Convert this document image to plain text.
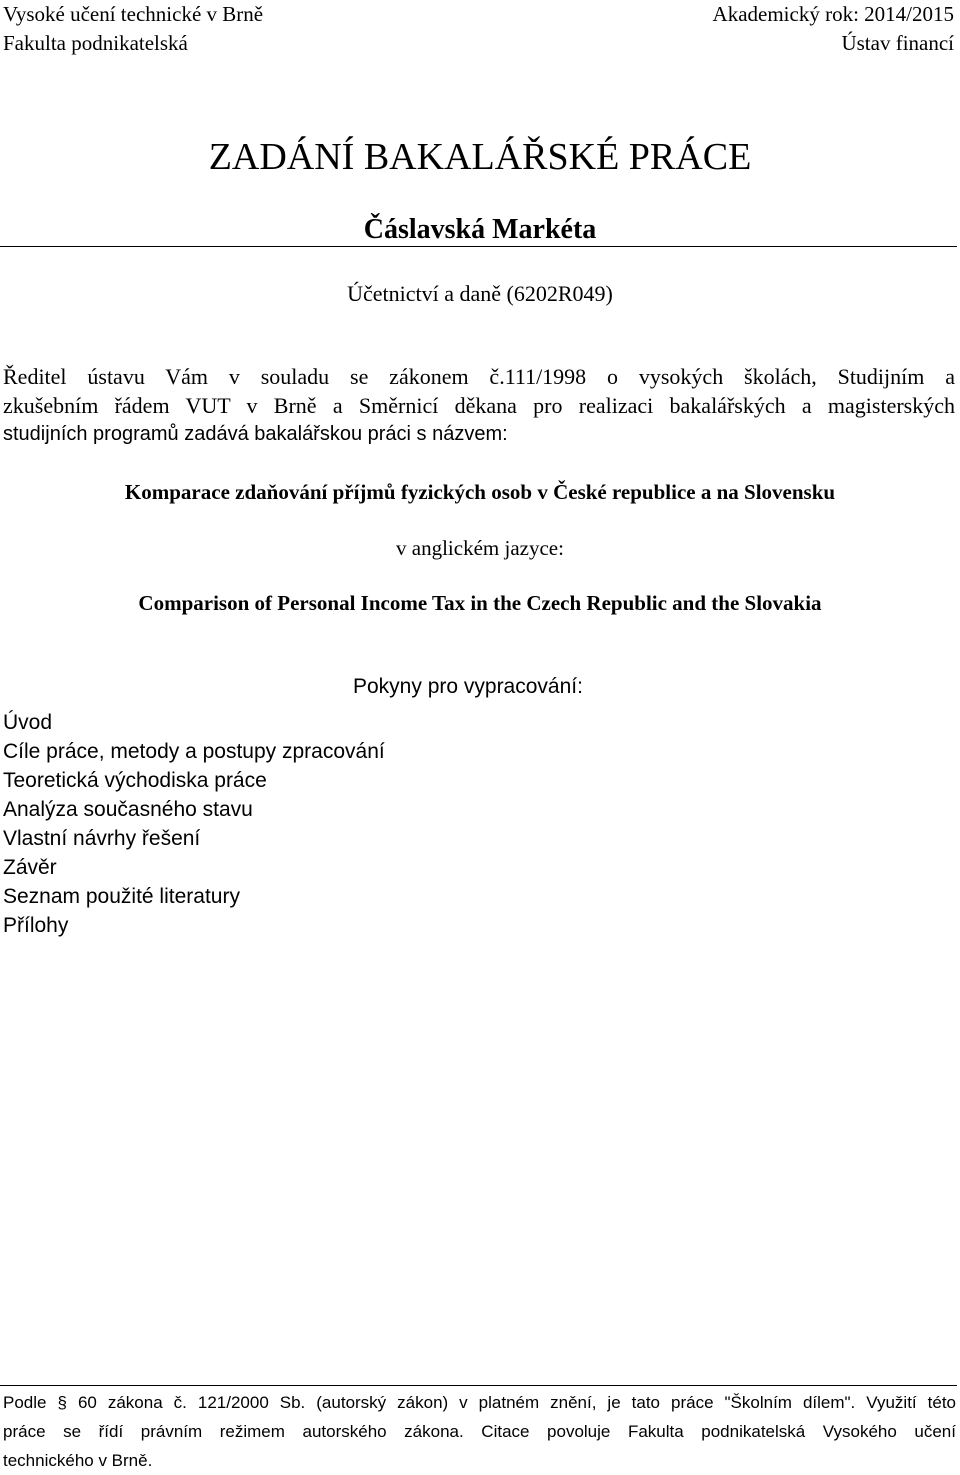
Vysoké učení technické v Brně
Fakulta podnikatelská
Akademický rok: 2014/2015
Ústav financí
ZADÁNÍ BAKALÁŘSKÉ PRÁCE
Čáslavská Markéta
Účetnictví a daně (6202R049)
Ředitel ústavu Vám v souladu se zákonem č.111/1998 o vysokých školách, Studijním a
zkušebním řádem VUT v Brně a Směrnicí děkana pro realizaci bakalářských a magisterských
studijních programů zadává bakalářskou práci s názvem:
Komparace zdaňování příjmů fyzických osob v České republice a na Slovensku
v anglickém jazyce:
Comparison of Personal Income Tax in the Czech Republic and the Slovakia
Pokyny pro vypracování:
Úvod
Cíle práce, metody a postupy zpracování
Teoretická východiska práce
Analýza současného stavu
Vlastní návrhy řešení
Závěr
Seznam použité literatury
Přílohy
Podle § 60 zákona č. 121/2000 Sb. (autorský zákon) v platném znění, je tato práce "Školním dílem". Využití této
práce se řídí právním režimem autorského zákona. Citace povoluje Fakulta podnikatelská Vysokého učení
technického v Brně.
